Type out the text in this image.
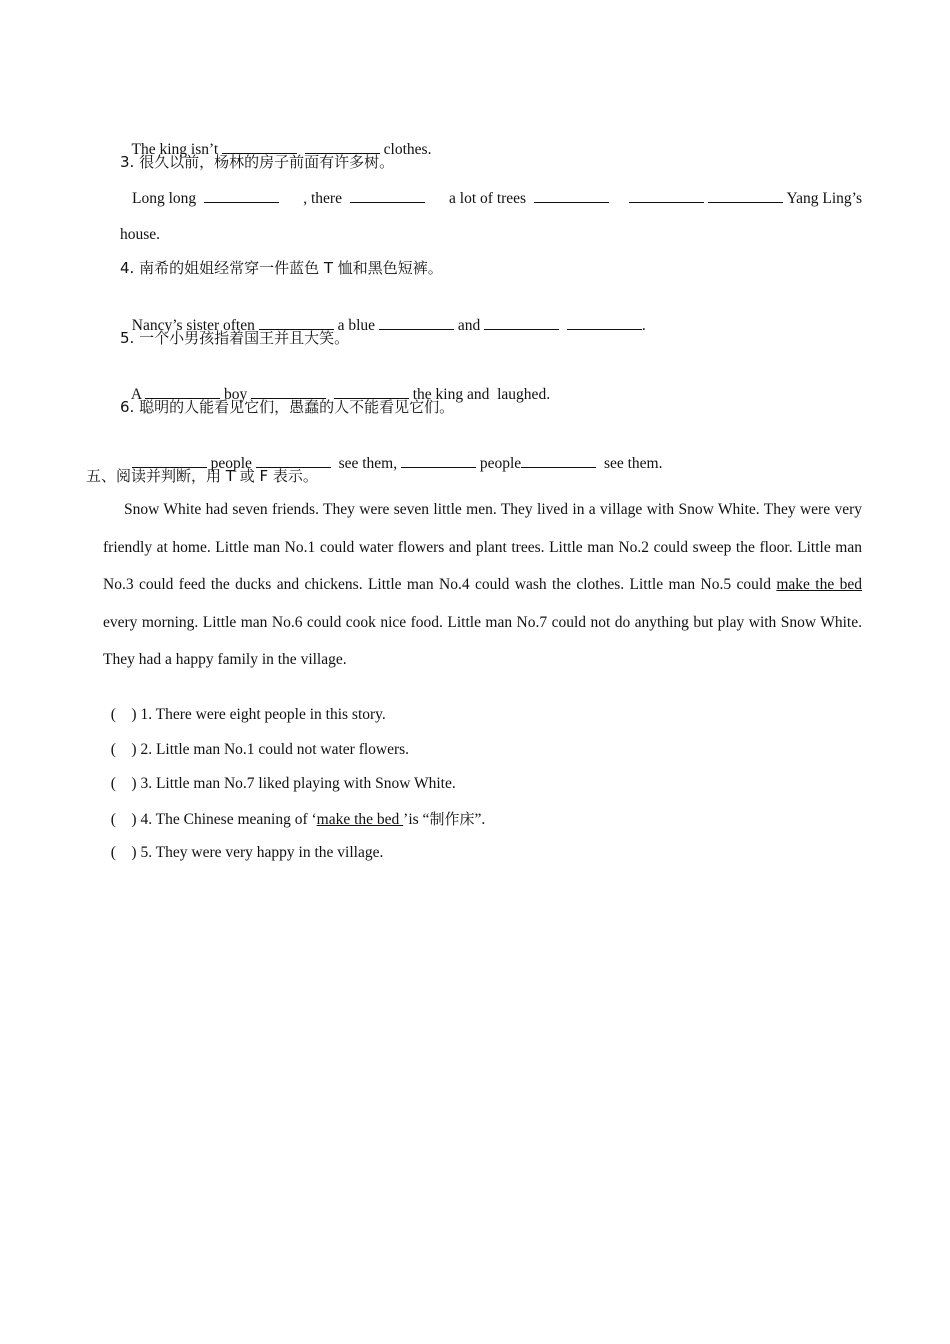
The king isn’t	clothes.

3. 很久以前，杨林的房子前面有许多树。
Long long	, there	a lot of trees	Yang Ling’s
house.
4. 南希的姐姐经常穿一件蓝色 T 恤和黑色短裤。

Nancy’s sister often	a blue	and	.

5. 一个小男孩指着国王并且大笑。

A	boy	the king and  laughed.

6. 聪明的人能看见它们，愚蠢的人不能看见它们。

people	see them,	people	see them.

五、阅读并判断，用 T 或 F 表示。

Snow White had seven friends. They were seven little men. They lived in a village with Snow White. They were very friendly at home. Little man No.1 could water flowers and plant trees. Little man No.2 could sweep the floor. Little man No.3 could feed the ducks and chickens. Little man No.4 could wash the clothes. Little man No.5 could make the bed every morning. Little man No.6 could cook nice food. Little man No.7 could not do anything but play with Snow White. They had a happy family in the village.

(    ) 1. There were eight people in this story.

(    ) 2. Little man No.1 could not water flowers.

(    ) 3. Little man No.7 liked playing with Snow White.

(    ) 4. The Chinese meaning of ‘make the bed ’is “制作床”.

(    ) 5. They were very happy in the village.
